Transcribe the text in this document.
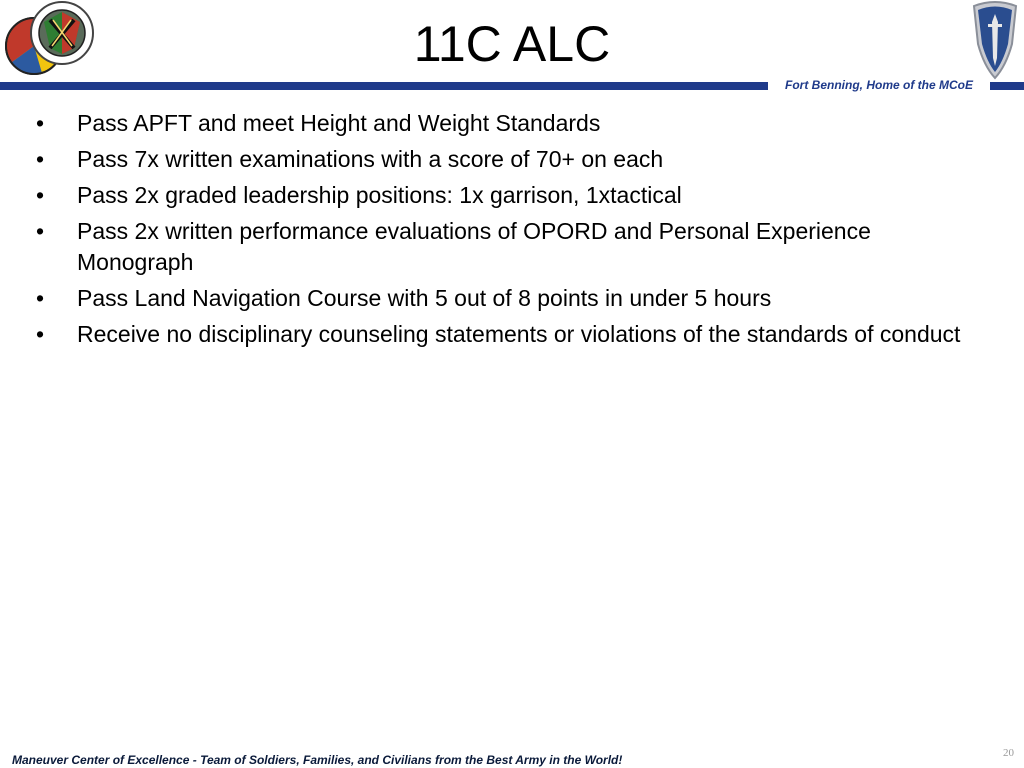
11C ALC
Fort Benning, Home of the MCoE
• Pass APFT and meet Height and Weight Standards
• Pass 7x written examinations with a score of 70+ on each
• Pass 2x graded leadership positions: 1x garrison, 1xtactical
• Pass 2x written performance evaluations of OPORD and Personal Experience Monograph
• Pass Land Navigation Course with 5 out of 8 points in under 5 hours
• Receive no disciplinary counseling statements or violations of the standards of conduct
Maneuver Center of Excellence - Team of Soldiers, Families, and Civilians from the Best Army in the World!	20
